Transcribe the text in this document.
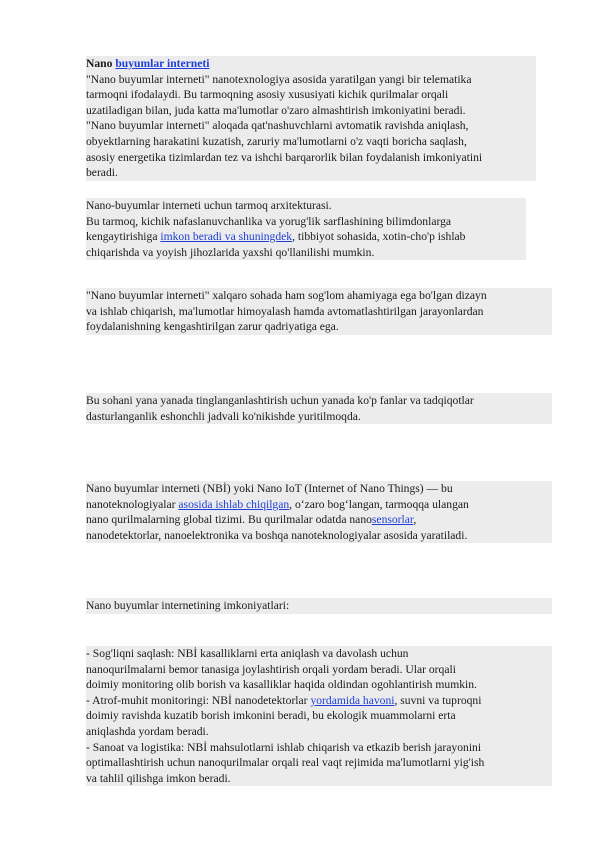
Nano buyumlar interneti
"Nano buyumlar interneti" nanotexnologiya asosida yaratilgan yangi bir telematika
tarmoqni ifodalaydi. Bu tarmoqning asosiy xususiyati kichik qurilmalar orqali
uzatiladigan bilan, juda katta ma'lumotlar o'zaro almashtirish imkoniyatini beradi.
"Nano buyumlar interneti" aloqada qat'nashuvchlarni avtomatik ravishda aniqlash,
obyektlarning harakatini kuzatish, zaruriy ma'lumotlarni o'z vaqti boricha saqlash,
asosiy energetika tizimlardan tez va ishchi barqarorlik bilan foydalanish imkoniyatini
beradi.
Nano-buyumlar interneti uchun tarmoq arxitekturasi.
Bu tarmoq, kichik nafaslanuvchanlika va yorug'lik sarflashining bilimdonlarga
kengaytirishiga imkon beradi va shuningdek, tibbiyot sohasida, xotin-cho'p ishlab
chiqarishda va yoyish jihozlarida yaxshi qo'llanilishi mumkin.
"Nano buyumlar interneti" xalqaro sohada ham sog'lom ahamiyaga ega bo'lgan dizayn
va ishlab chiqarish, ma'lumotlar himoyalash hamda avtomatlashtirilgan jarayonlardan
foydalanishning kengashtirilgan zarur qadriyatiga ega.
Bu sohani yana yanada tinglanganlashtirish uchun yanada ko'p fanlar va tadqiqotlar
dasturlanganlik eshonchli jadvali ko'nikishde yuritilmoqda.
Nano buyumlar interneti (NBİ) yoki Nano IoT (Internet of Nano Things) — bu
nanoteknologiyalar asosida ishlab chiqilgan, o‘zaro bog‘langan, tarmoqqa ulangan
nano qurilmalarning global tizimi. Bu qurilmalar odatda nanosensorlar,
nanodetektorlar, nanoelektronika va boshqa nanoteknologiyalar asosida yaratiladi.
Nano buyumlar internetining imkoniyatlari:
- Sog'liqni saqlash: NBİ kasalliklarni erta aniqlash va davolash uchun
nanoqurilmalarni bemor tanasiga joylashtirish orqali yordam beradi. Ular orqali
doimiy monitoring olib borish va kasalliklar haqida oldindan ogohlantirish mumkin.
- Atrof-muhit monitoringi: NBİ nanodetektorlar yordamida havoni, suvni va tuproqni
doimiy ravishda kuzatib borish imkonini beradi, bu ekologik muammolarni erta
aniqlashda yordam beradi.
- Sanoat va logistika: NBİ mahsulotlarni ishlab chiqarish va etkazib berish jarayonini
optimallashtirish uchun nanoqurilmalar orqali real vaqt rejimida ma'lumotlarni yig'ish
va tahlil qilishga imkon beradi.
